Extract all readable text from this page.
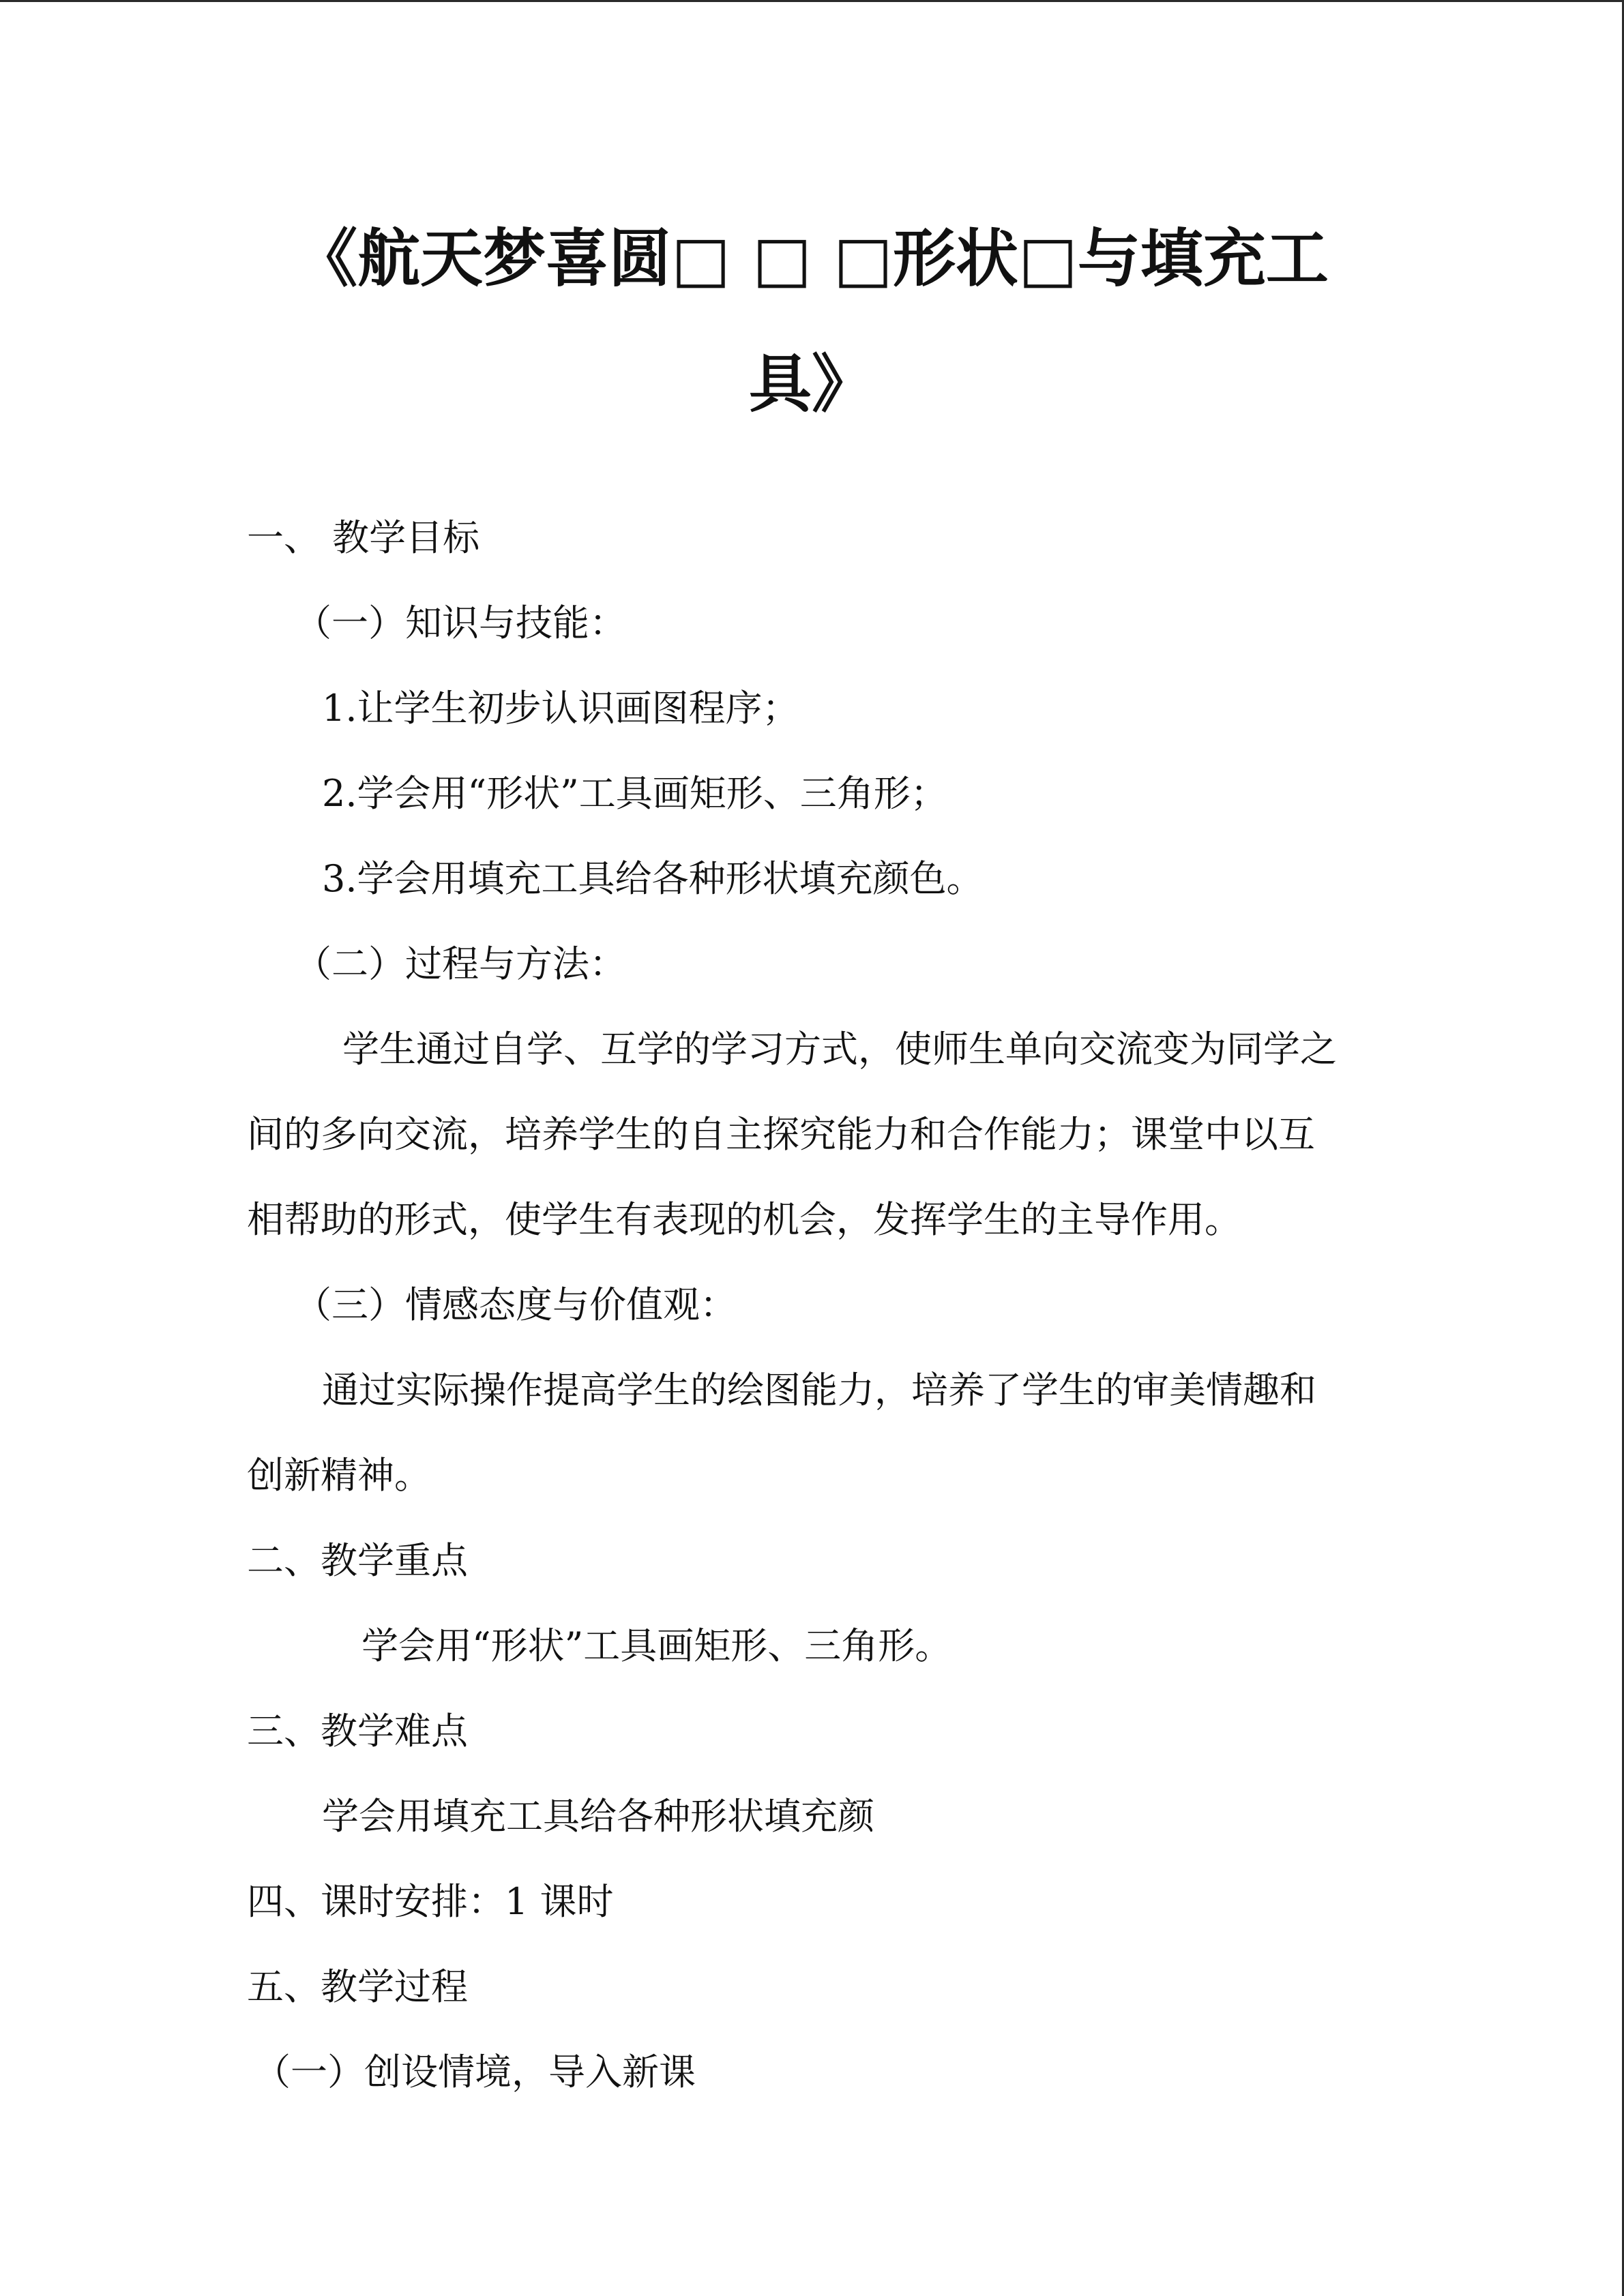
《航天梦喜圆□ □ □形状□与填充工
具》
一、 教学目标
（一）知识与技能：
1.让学生初步认识画图程序；
2.学会用“形状”工具画矩形、三角形；
3.学会用填充工具给各种形状填充颜色。
（二）过程与方法：
学生通过自学、互学的学习方式，使师生单向交流变为同学之
间的多向交流，培养学生的自主探究能力和合作能力；课堂中以互
相帮助的形式，使学生有表现的机会，发挥学生的主导作用。
（三）情感态度与价值观：
通过实际操作提高学生的绘图能力，培养了学生的审美情趣和
创新精神。
二、教学重点
学会用“形状”工具画矩形、三角形。
三、教学难点
学会用填充工具给各种形状填充颜
四、课时安排：1 课时
五、教学过程
（一）创设情境，导入新课
